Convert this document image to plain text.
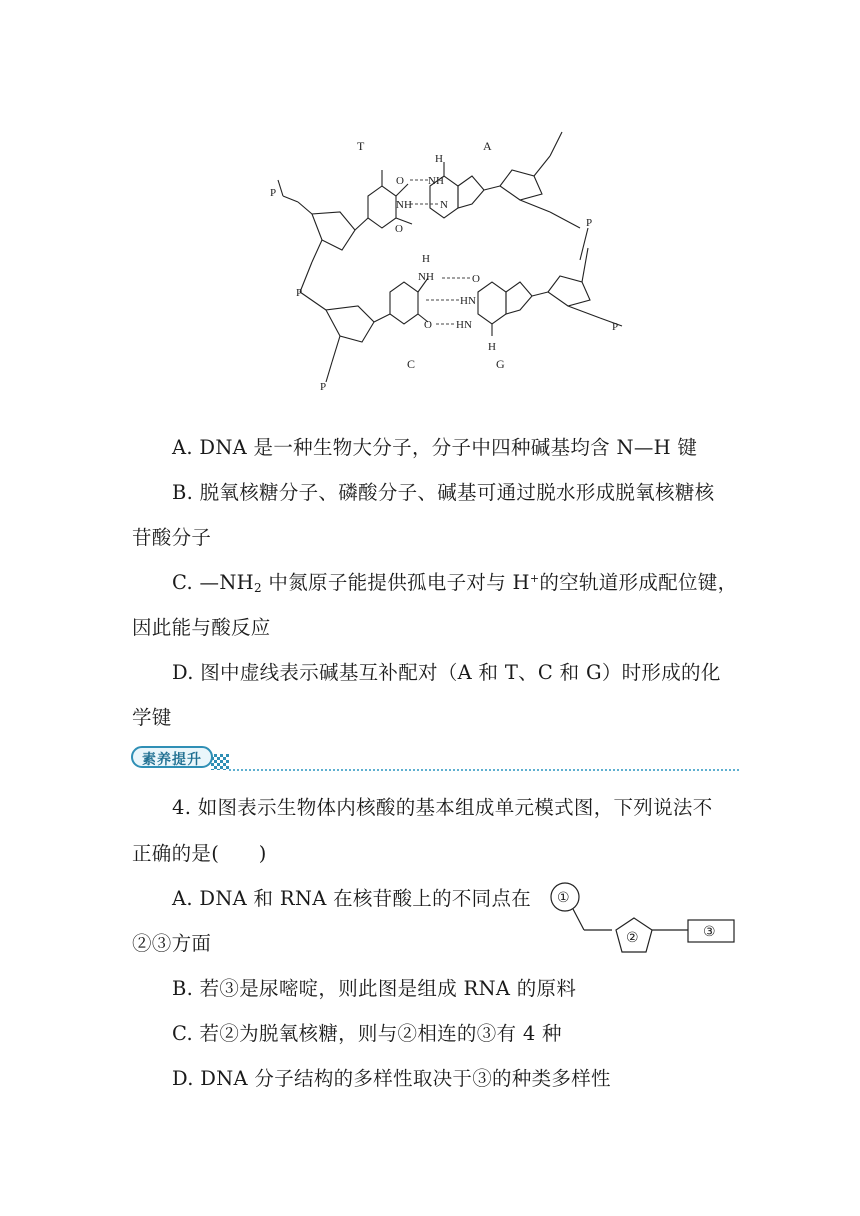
T	A
C	G
NH
H
O
NH
O
N
P
P
P
P
P
NH
H
HN
HN
O
O
H
A. DNA 是一种生物大分子，分子中四种碱基均含 N—H 键
B. 脱氧核糖分子、磷酸分子、碱基可通过脱水形成脱氧核糖核
苷酸分子
C. $—NH_2$ 中氮原子能提供孤电子对与 H+的空轨道形成配位键，
因此能与酸反应
D. 图中虚线表示碱基互补配对（A 和 T、C 和 G）时形成的化
学键
素养提升
4. 如图表示生物体内核酸的基本组成单元模式图，下列说法不
正确的是(　　)
A. DNA 和 RNA 在核苷酸上的不同点在
②③方面
B. 若③是尿嘧啶，则此图是组成 RNA 的原料
C. 若②为脱氧核糖，则与②相连的③有 4 种
D. DNA 分子结构的多样性取决于③的种类多样性
①
②	③
